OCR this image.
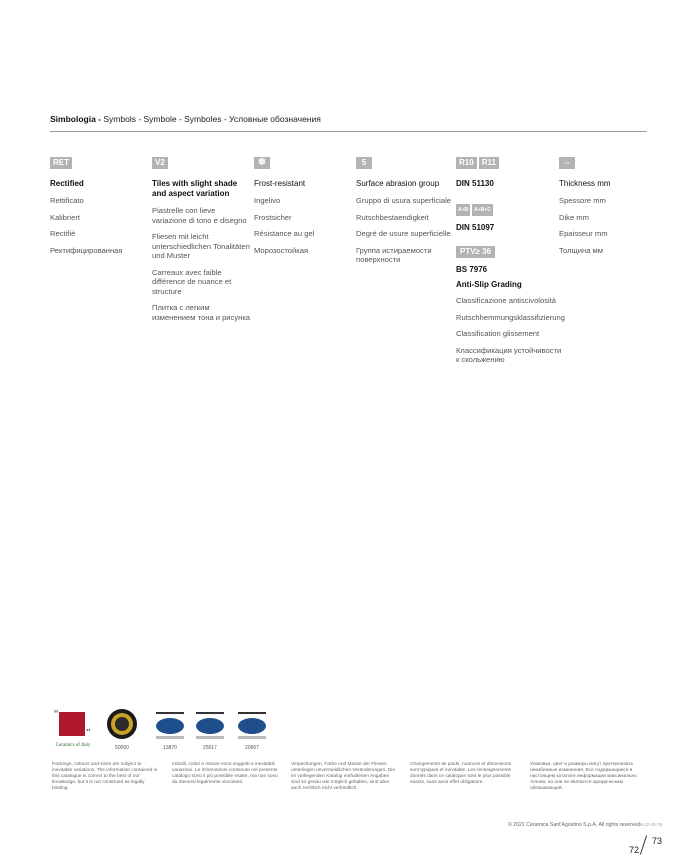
Simbologia - Symbols - Symbole - Symboles - Условные обозначения
RET
Rectified
Rettificato
Kalibriert
Rectifié
Ректифицированная
V2
Tiles with slight shade and aspect variation
Piastrelle con lieve variazione di tono e disegno
Fliesen mit leicht unterschiedlichen Tonalitäten und Muster
Carreaux avec faible différence de nuance et structure
Плитка с легким изменением тона и рисунка
❄
Frost-resistant
Ingelivo
Frostsicher
Résistance au gel
Морозостойкая
5
Surface abrasion group
Gruppo di usura superficiale
Rutschbestaendigkeit
Degré de usure superficielle
Группа истираемости поверхности
R10 R11
DIN 51130
A+B A+B+C
DIN 51097
PTV≥ 36
BS 7976
Anti-Slip Grading
Classificazione antiscivolosità
Rutschhemmungsklassifizierung
Classification glissement
Классификация устойчивости к скольжению
⇔
Thickness mm
Spessore mm
Dike mm
Epaisseur mm
Толщина мм
“
”
Ceramics of Italy	50000	13870	25017	20667
Packings, colours and sizes are subject to inevitable variations. The information contained in this catalogue is correct to the best of our knowledge, but it is not construed as legally binding.
Imballi, colori e misure sono soggetti a inevitabili variazioni. Le informazioni contenute nel presente catalogo sono il più possibile esatte, ma non sono da ritenersi legalmente vincolanti.
Verpackungen, Farbe und Masse der Fliesen unterliegen unvermeidlichen Veränderungen. Die im vorliegenden Katalog enthaltenen Angaben sind so genau wie möglich gehalten, sind aber auch rechtlich nicht verbindlich.
Changements de poids, nuances et dimensions sont typiques et inévitable. Les renseignements donnés dans ce catalogue sont le plus possible exacts, sans avoir effet obligatoire.
Упаковка, цвет и размеры могут претерпевать неизбежные изменения. Все содержащиеся в настоящем каталоге информации максимально точная, но они не являются юридическим обязывающей.
© 2021 Ceramica Sant'Agostino S.p.A. All rights reserved.
9-12-20-7K
72
73
